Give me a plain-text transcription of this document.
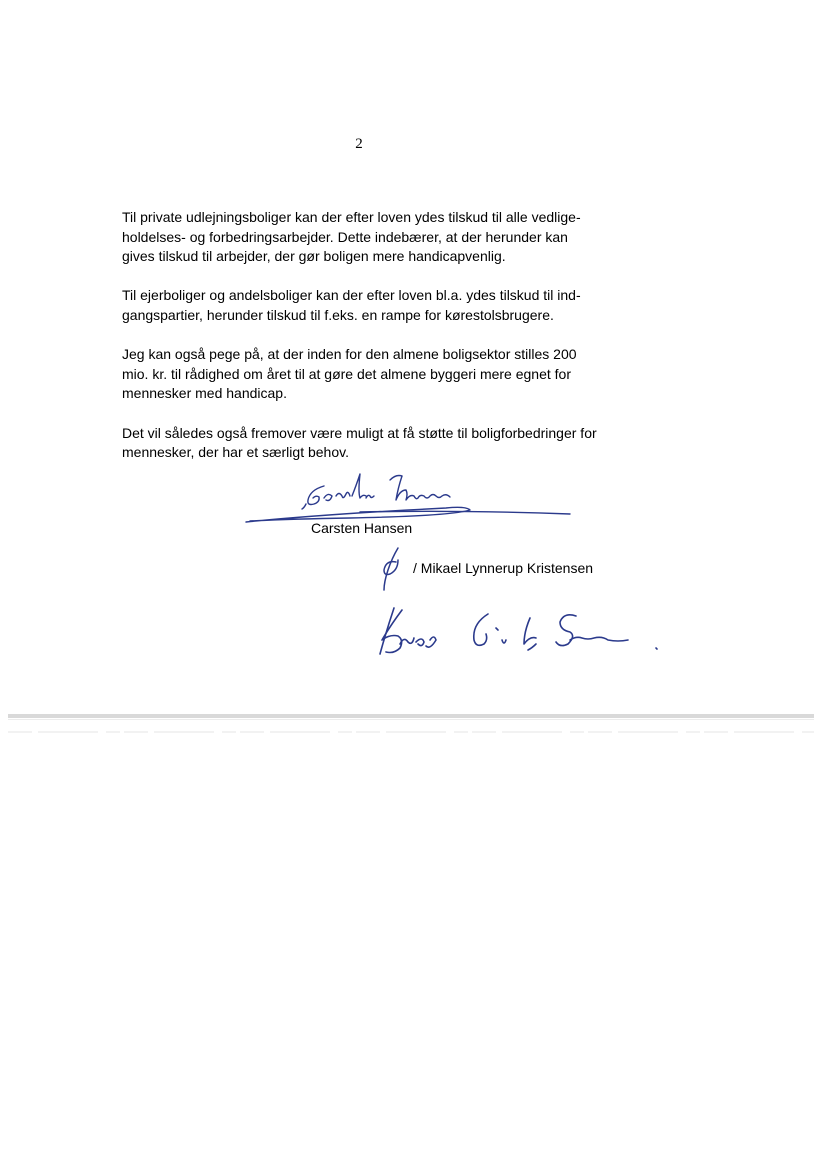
2

Til private udlejningsboliger kan der efter loven ydes tilskud til alle vedlige-
holdelses- og forbedringsarbejder. Dette indebærer, at der herunder kan
gives tilskud til arbejder, der gør boligen mere handicapvenlig.

Til ejerboliger og andelsboliger kan der efter loven bl.a. ydes tilskud til ind-
gangspartier, herunder tilskud til f.eks. en rampe for kørestolsbrugere.

Jeg kan også pege på, at der inden for den almene boligsektor stilles 200
mio. kr. til rådighed om året til at gøre det almene byggeri mere egnet for
mennesker med handicap.

Det vil således også fremover være muligt at få støtte til boligforbedringer for
mennesker, der har et særligt behov.

Carsten Hansen
/ Mikael Lynnerup Kristensen
